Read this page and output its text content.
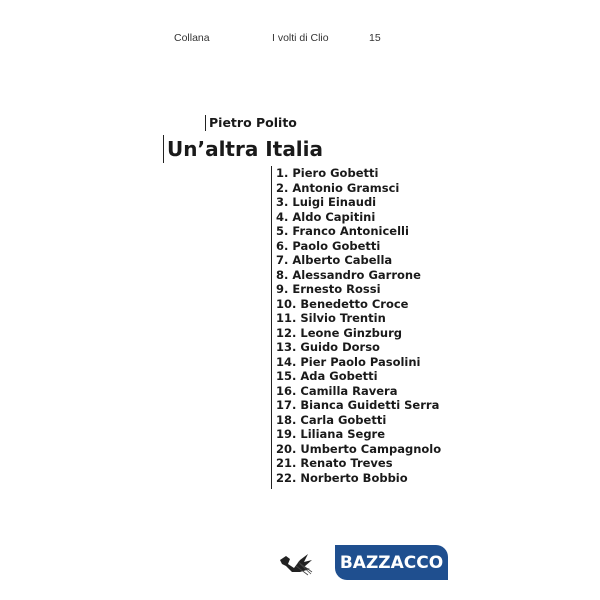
Collana	I volti di Clio	15
Pietro Polito
Un’altra Italia
1. Piero Gobetti
2. Antonio Gramsci
3. Luigi Einaudi
4. Aldo Capitini
5. Franco Antonicelli
6. Paolo Gobetti
7. Alberto Cabella
8. Alessandro Garrone
9. Ernesto Rossi
10. Benedetto Croce
11. Silvio Trentin
12. Leone Ginzburg
13. Guido Dorso
14. Pier Paolo Pasolini
15. Ada Gobetti
16. Camilla Ravera
17. Bianca Guidetti Serra
18. Carla Gobetti
19. Liliana Segre
20. Umberto Campagnolo
21. Renato Treves
22. Norberto Bobbio
BAZZACCO
